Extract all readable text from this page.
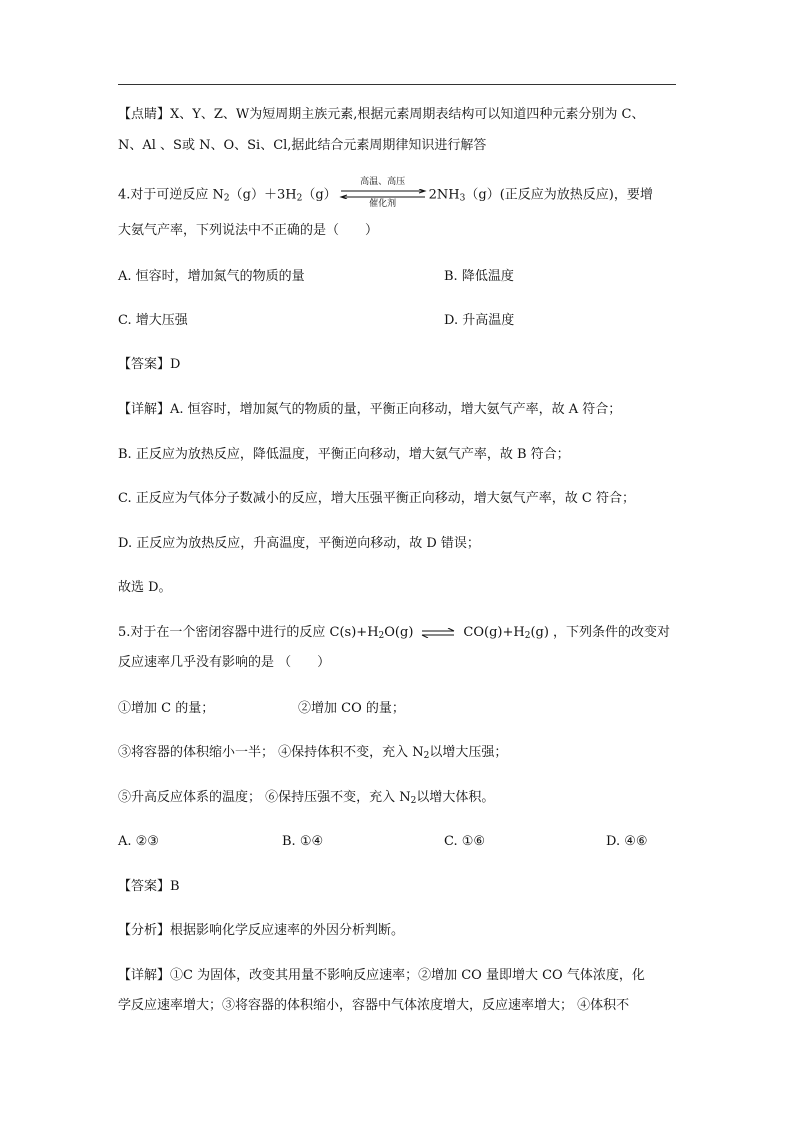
【点睛】X、Y、Z、W为短周期主族元素,根据元素周期表结构可以知道四种元素分别为 C、
N、Al 、S或 N、O、Si、Cl,据此结合元素周期律知识进行解答
4.对于可逆反应 $N_2(g)+3H_2(g)$
高温、高压
催化剂
$2NH_3(g)$(正反应为放热反应)，要增
大氨气产率，下列说法中不正确的是（　　）
A. 恒容时，增加氮气的物质的量	B. 降低温度
C. 增大压强	D. 升高温度
【答案】D
【详解】A. 恒容时，增加氮气的物质的量，平衡正向移动，增大氨气产率，故 A 符合；
B. 正反应为放热反应，降低温度，平衡正向移动，增大氨气产率，故 B 符合；
C. 正反应为气体分子数减小的反应，增大压强平衡正向移动，增大氨气产率，故 C 符合；
D. 正反应为放热反应，升高温度，平衡逆向移动，故 D 错误；
故选 D。
5.对于在一个密闭容器中进行的反应 $C(s)+H_2O(g)$ ⇌ $CO(g)+H_2(g)$ ，下列条件的改变对
反应速率几乎没有影响的是 （　　）
①增加 C 的量；	②增加 CO 的量；
③将容器的体积缩小一半； ④保持体积不变，充入 $N_2$以增大压强；
⑤升高反应体系的温度； ⑥保持压强不变，充入 $N_2$以增大体积。
A. ②③	B. ①④	C. ①⑥	D. ④⑥
【答案】B
【分析】根据影响化学反应速率的外因分析判断。
【详解】①C 为固体，改变其用量不影响反应速率；②增加 CO 量即增大 CO 气体浓度，化
学反应速率增大；③将容器的体积缩小，容器中气体浓度增大，反应速率增大； ④体积不
